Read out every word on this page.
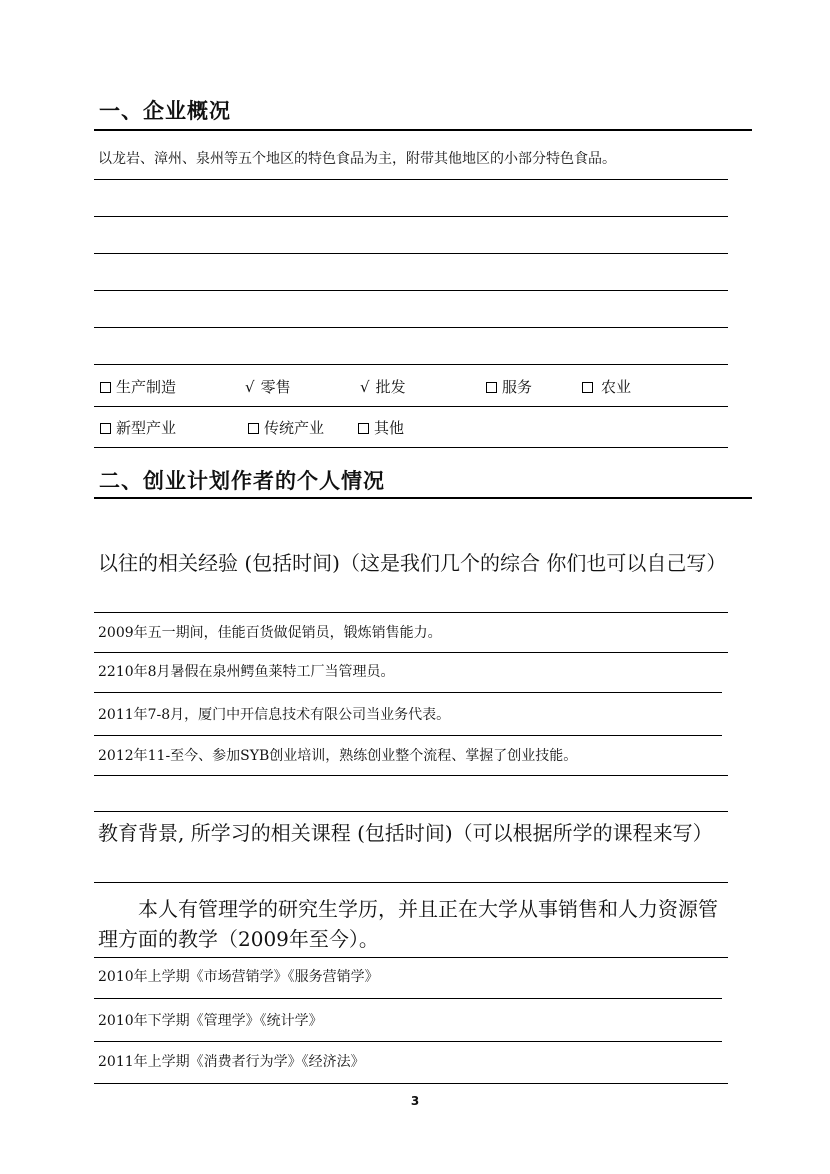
一、企业概况
以龙岩、漳州、泉州等五个地区的特色食品为主，附带其他地区的小部分特色食品。
生产制造	√ 零售	√ 批发	服务	农业
新型产业	传统产业	其他
二、创业计划作者的个人情况
以往的相关经验 (包括时间)（这是我们几个的综合 你们也可以自己写）
2009年五一期间，佳能百货做促销员，锻炼销售能力。
2210年8月暑假在泉州鳄鱼莱特工厂当管理员。
2011年7-8月，厦门中开信息技术有限公司当业务代表。
2012年11-至今、参加SYB创业培训，熟练创业整个流程、掌握了创业技能。
教育背景, 所学习的相关课程 (包括时间)（可以根据所学的课程来写）
本人有管理学的研究生学历，并且正在大学从事销售和人力资源管理方面的教学（2009年至今）。
2010年上学期《市场营销学》《服务营销学》
2010年下学期《管理学》《统计学》
2011年上学期《消费者行为学》《经济法》
3
